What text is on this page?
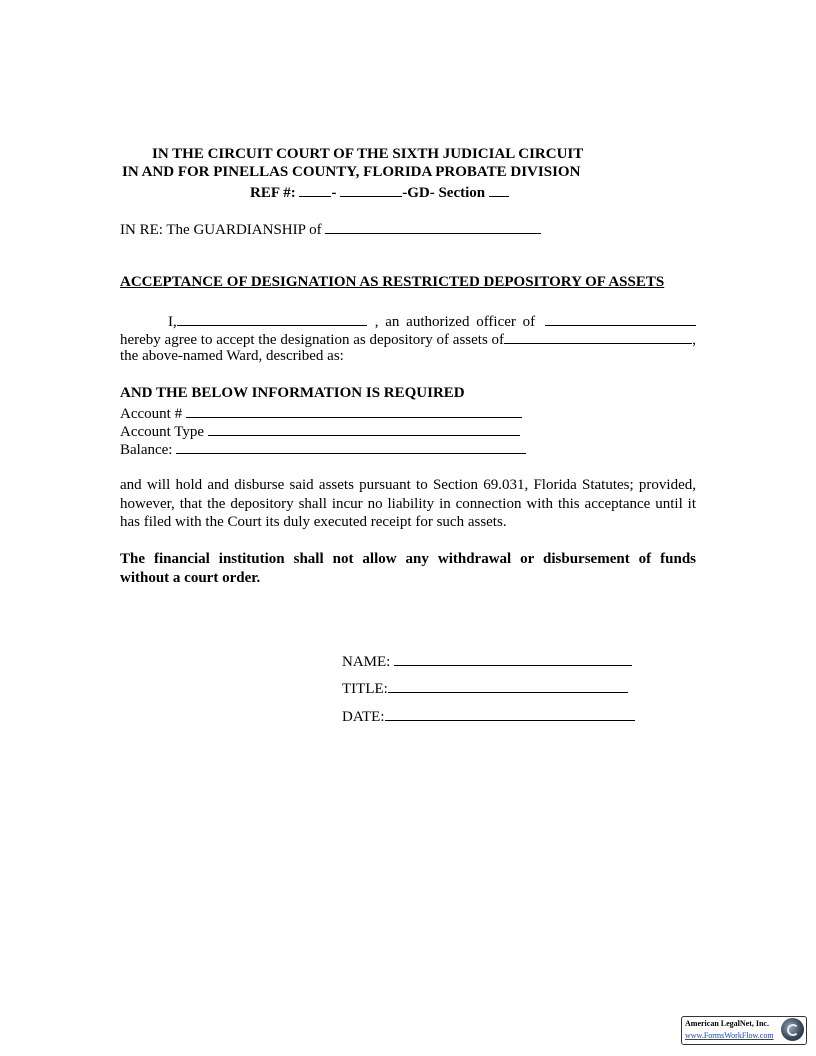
IN THE CIRCUIT COURT OF THE SIXTH JUDICIAL CIRCUIT
IN AND FOR PINELLAS COUNTY, FLORIDA PROBATE DIVISION
REF #: -	-GD- Section
IN RE: The GUARDIANSHIP of
ACCEPTANCE OF DESIGNATION AS RESTRICTED DEPOSITORY OF ASSETS
I,	, an authorized officer of
hereby agree to accept the designation as depository of assets of	,
the above-named Ward, described as:
AND THE BELOW INFORMATION IS REQUIRED
Account #
Account Type
Balance:
and will hold and disburse said assets pursuant to Section 69.031, Florida Statutes; provided,
however, that the depository shall incur no liability in connection with this acceptance until it
has filed with the Court its duly executed receipt for such assets.
The financial institution shall not allow any withdrawal or disbursement of funds
without a court order.
NAME:
TITLE:
DATE:
American LegalNet, Inc.
www.FormsWorkFlow.com
